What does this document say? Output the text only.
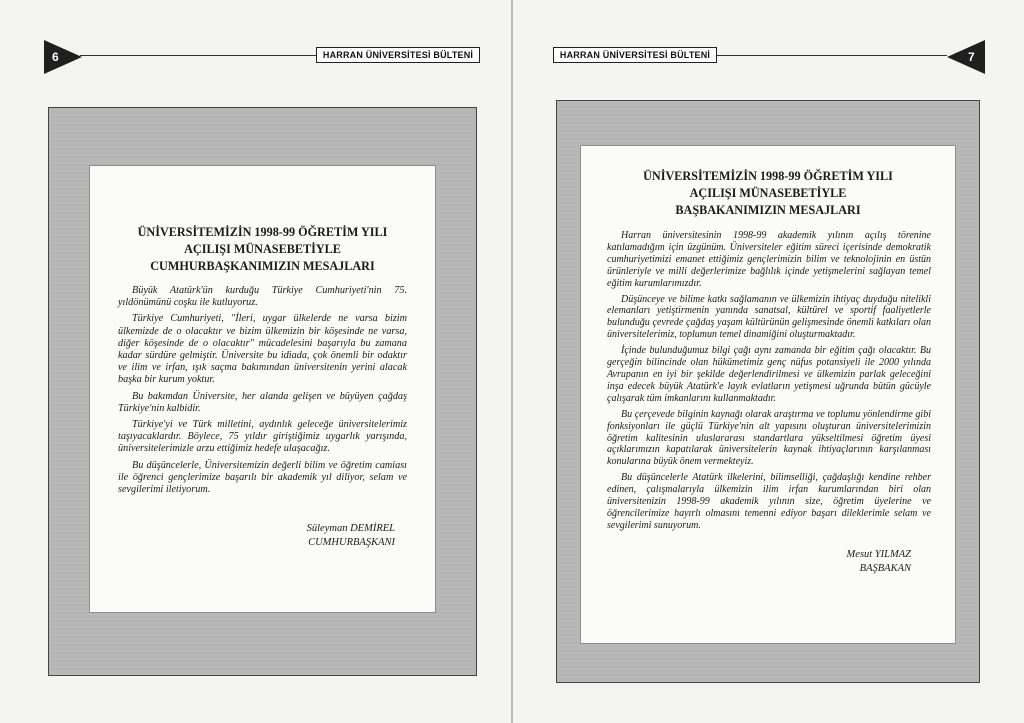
6	HARRAN ÜNİVERSİTESİ BÜLTENİ
ÜNİVERSİTEMİZİN 1998-99 ÖĞRETİM YILI
AÇILIŞI MÜNASEBETİYLE
CUMHURBAŞKANIMIZIN MESAJLARI

Büyük Atatürk'ün kurduğu Türkiye Cumhuriyeti'nin 75. yıldönümünü coşku ile kutluyoruz.

Türkiye Cumhuriyeti, "İleri, uygar ülkelerde ne varsa bizim ülkemizde de o olacaktır ve bizim ülkemizin bir köşesinde ne varsa, diğer köşesinde de o olacaktır" mücadelesini başarıyla bu zamana kadar sürdüre gelmiştir. Üniversite bu idiada, çok önemli bir odaktır ve ilim ve irfan, ışık saçma bakımından üniversitenin yerini alacak başka bir kurum yoktur.

Bu bakımdan Üniversite, her alanda gelişen ve büyüyen çağdaş Türkiye'nin kalbidir.

Türkiye'yi ve Türk milletini, aydınlık geleceğe üniversitelerimiz taşıyacaklardır. Böylece, 75 yıldır giriştiğimiz uygarlık yarışında, üniversitelerimizle arzu ettiğimiz hedefe ulaşacağız.

Bu düşüncelerle, Üniversitemizin değerli bilim ve öğretim camiası ile öğrenci gençlerimize başarılı bir akademik yıl diliyor, selam ve sevgilerimi iletiyorum.

Süleyman DEMİREL
CUMHURBAŞKANI
HARRAN ÜNİVERSİTESİ BÜLTENİ	7
ÜNİVERSİTEMİZİN 1998-99 ÖĞRETİM YILI
AÇILIŞI MÜNASEBETİYLE
BAŞBAKANIMIZIN MESAJLARI

Harran üniversitesinin 1998-99 akademik yılının açılış törenine katılamadığım için üzgünüm. Üniversiteler eğitim süreci içerisinde demokratik cumhuriyetimizi emanet ettiğimiz gençlerimizin bilim ve teknolojinin en üstün ürünleriyle ve milli değerlerimize bağlılık içinde yetişmelerini sağlayan temel eğitim kurumlarımızdır.

Düşünceye ve bilime katkı sağlamanın ve ülkemizin ihtiyaç duyduğu nitelikli elemanları yetiştirmenin yanında sanatsal, kültürel ve sportif faaliyetlerle bulunduğu çevrede çağdaş yaşam kültürünün gelişmesinde önemli katkıları olan üniversitelerimiz, toplumun temel dinamiğini oluşturmaktadır.

İçinde bulunduğumuz bilgi çağı aynı zamanda bir eğitim çağı olacaktır. Bu gerçeğin bilincinde olan hükümetimiz genç nüfus potansiyeli ile 2000 yılında Avrupanın en iyi bir şekilde değerlendirilmesi ve ülkemizin parlak geleceğini inşa edecek büyük Atatürk'e layık evlatların yetişmesi uğrunda bütün gücüyle çalışarak tüm imkanlarını kullanmaktadır.

Bu çerçevede bilginin kaynağı olarak araştırma ve toplumu yönlendirme gibi fonksiyonları ile güçlü Türkiye'nin alt yapısını oluşturan üniversitelerimizin öğretim kalitesinin uluslararası standartlara yükseltilmesi öğretim üyesi açıklarımızın kapatılarak üniversitelerin kaynak ihtiyaçlarının karşılanması konularına büyük önem vermekteyiz.

Bu düşüncelerle Atatürk ilkelerini, bilimselliği, çağdaşlığı kendine rehber edinen, çalışmalarıyla ülkemizin ilim irfan kurumlarından biri olan üniversitenizin 1998-99 akademik yılının size, öğretim üyelerine ve öğrencilerimize hayırlı olmasını temenni ediyor başarı dileklerimle selam ve sevgilerimi sunuyorum.

Mesut YILMAZ
BAŞBAKAN
